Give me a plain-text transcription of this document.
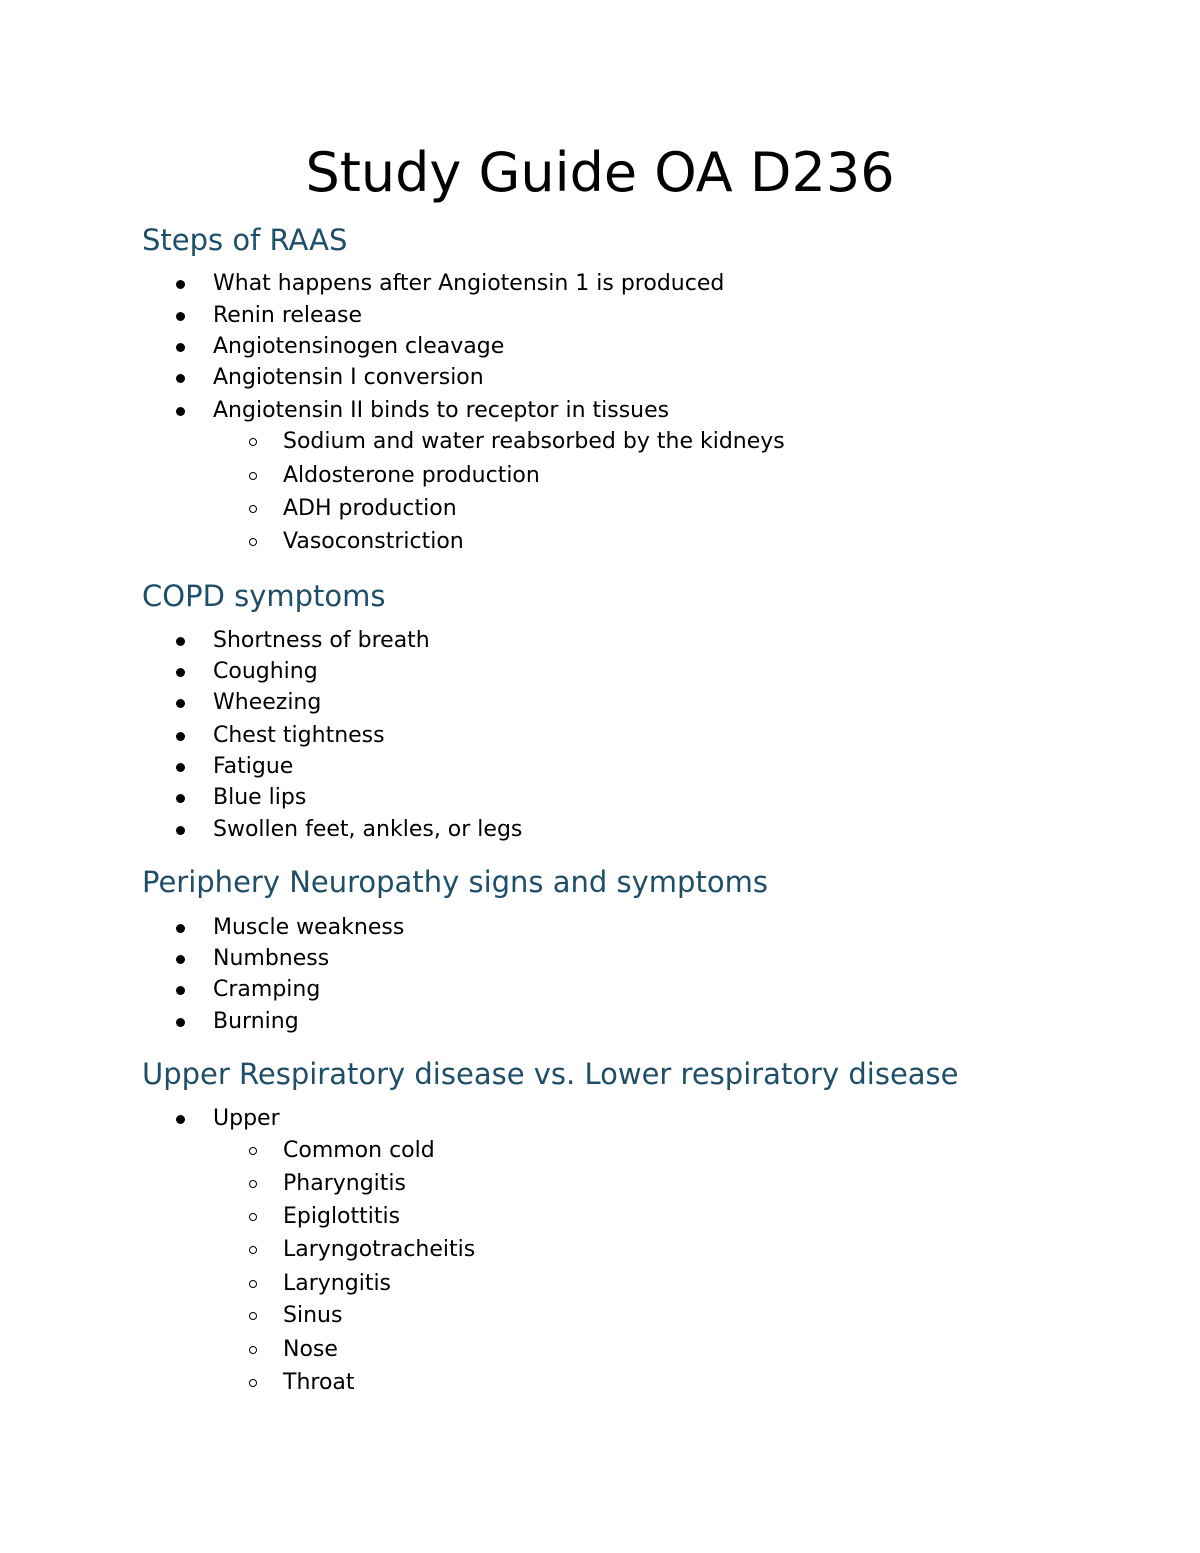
Study Guide OA D236
Steps of RAAS
What happens after Angiotensin 1 is produced
Renin release
Angiotensinogen cleavage
Angiotensin I conversion
Angiotensin II binds to receptor in tissues
Sodium and water reabsorbed by the kidneys
Aldosterone production
ADH production
Vasoconstriction
COPD symptoms
Shortness of breath
Coughing
Wheezing
Chest tightness
Fatigue
Blue lips
Swollen feet, ankles, or legs
Periphery Neuropathy signs and symptoms
Muscle weakness
Numbness
Cramping
Burning
Upper Respiratory disease vs. Lower respiratory disease
Upper
Common cold
Pharyngitis
Epiglottitis
Laryngotracheitis
Laryngitis
Sinus
Nose
Throat
